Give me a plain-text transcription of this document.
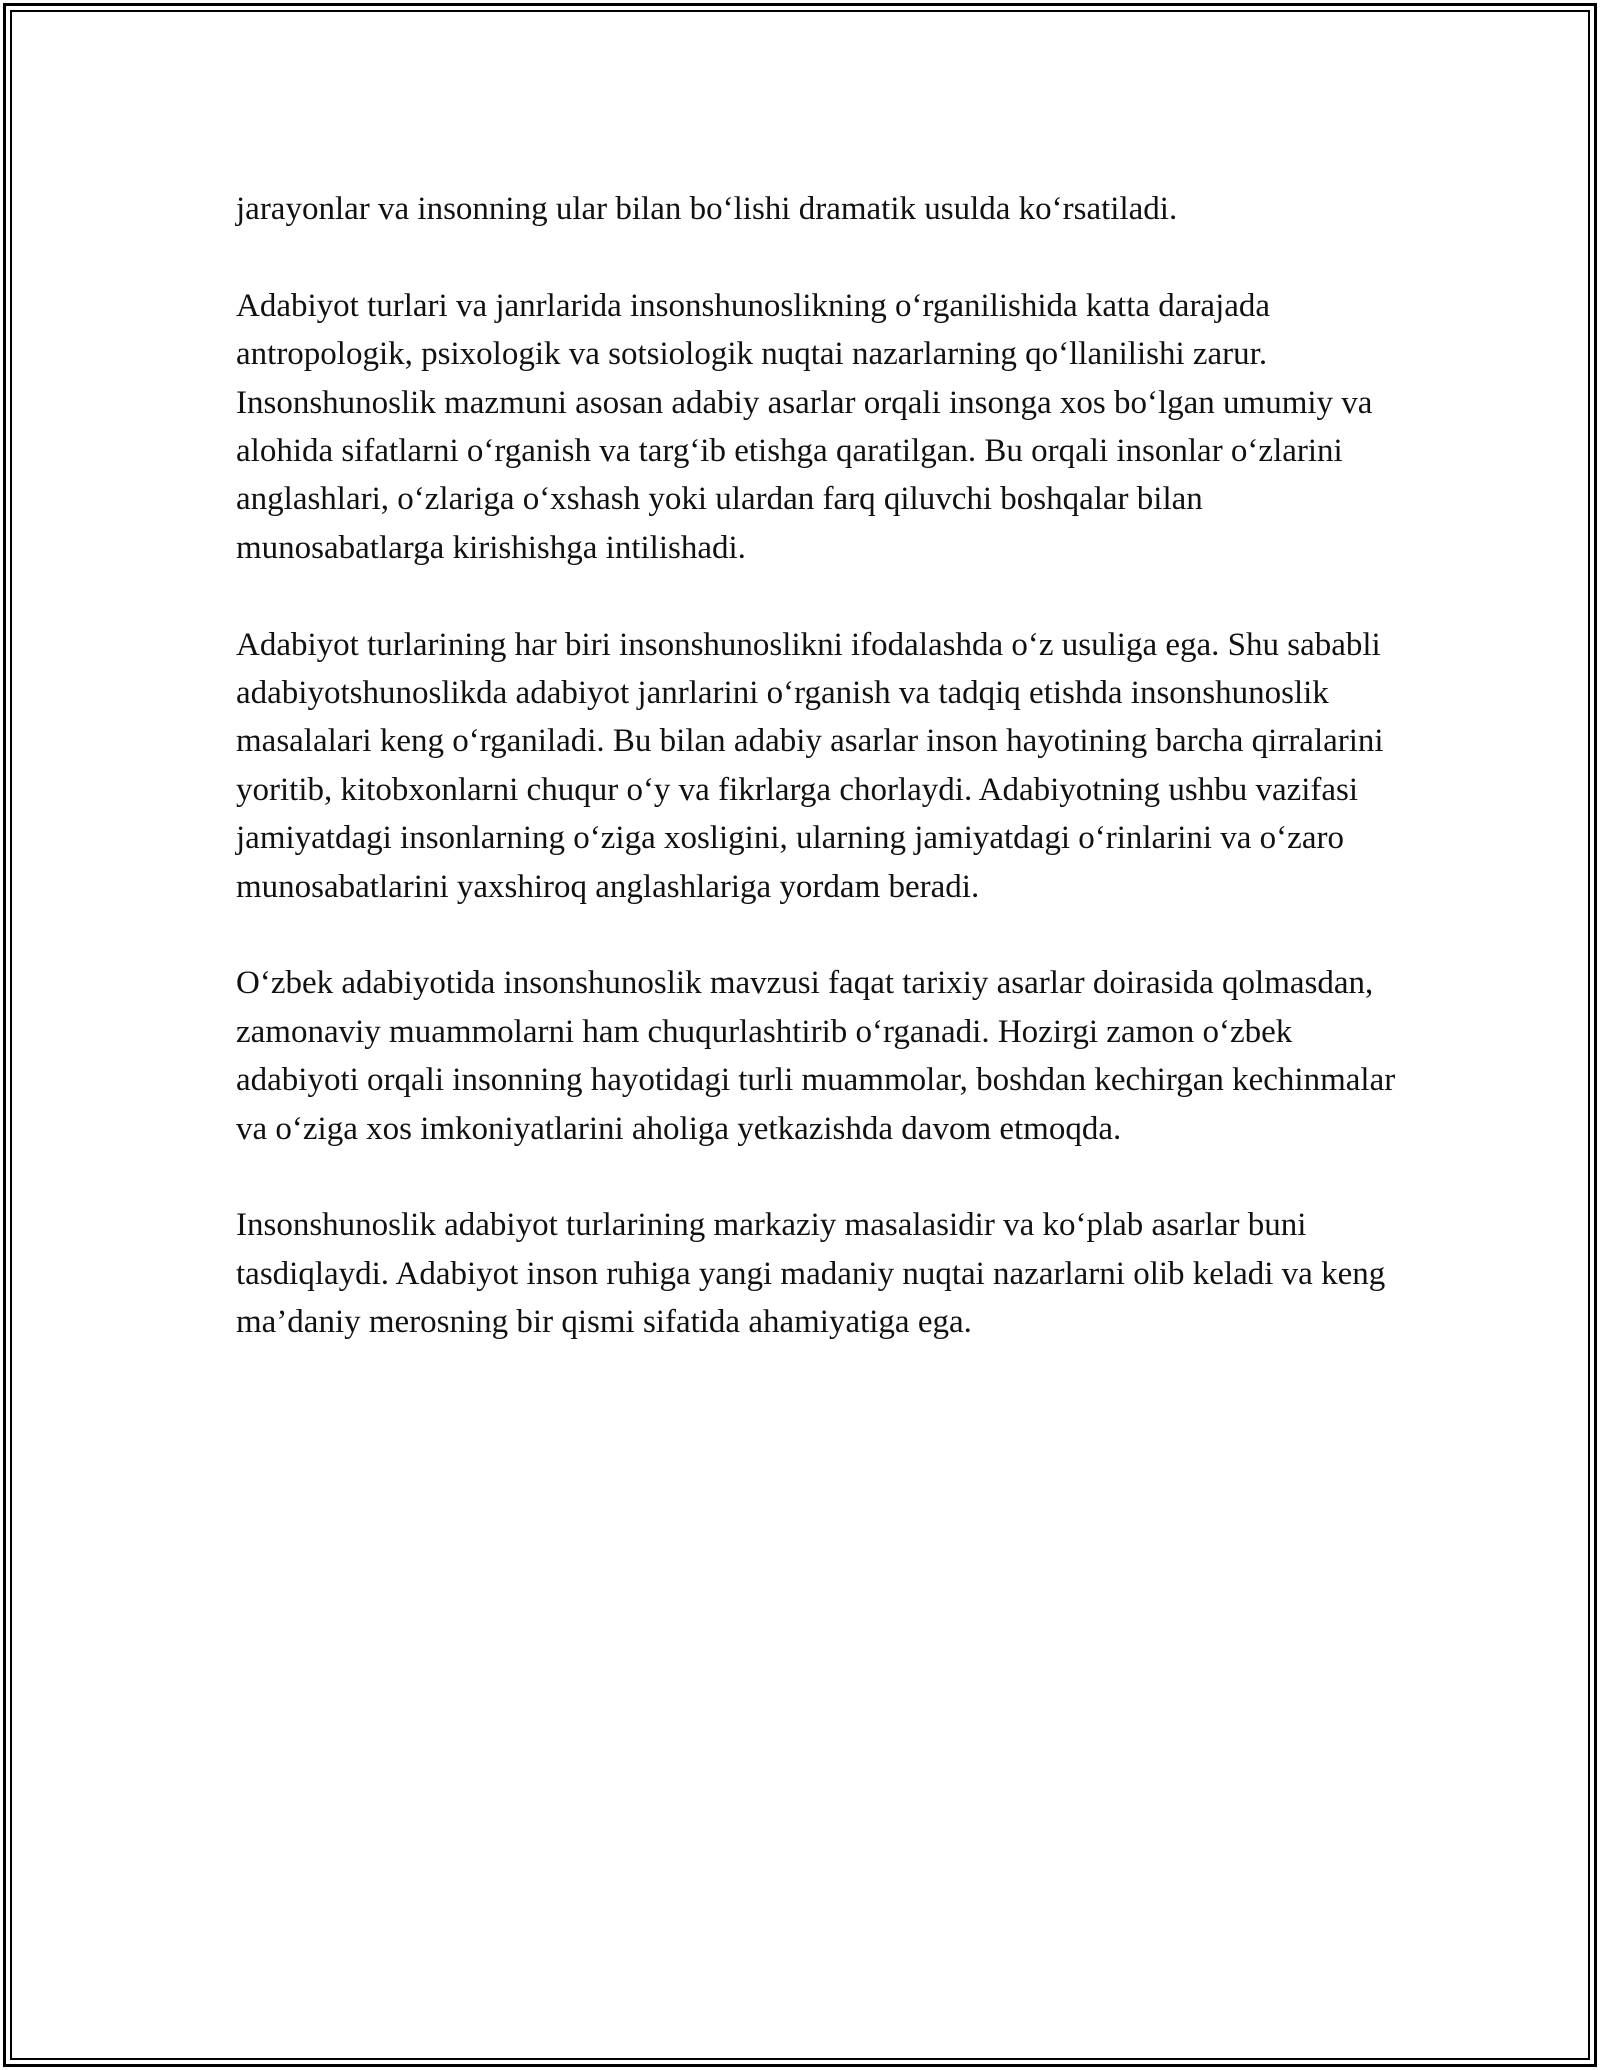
jarayonlar va insonning ular bilan bo‘lishi dramatik usulda ko‘rsatiladi.

Adabiyot turlari va janrlarida insonshunoslikning o‘rganilishida katta darajada antropologik, psixologik va sotsiologik nuqtai nazarlarning qo‘llanilishi zarur. Insonshunoslik mazmuni asosan adabiy asarlar orqali insonga xos bo‘lgan umumiy va alohida sifatlarni o‘rganish va targ‘ib etishga qaratilgan. Bu orqali insonlar o‘zlarini anglashlari, o‘zlariga o‘xshash yoki ulardan farq qiluvchi boshqalar bilan munosabatlarga kirishishga intilishadi.

Adabiyot turlarining har biri insonshunoslikni ifodalashda o‘z usuliga ega. Shu sababli adabiyotshunoslikda adabiyot janrlarini o‘rganish va tadqiq etishda insonshunoslik masalalari keng o‘rganiladi. Bu bilan adabiy asarlar inson hayotining barcha qirralarini yoritib, kitobxonlarni chuqur o‘y va fikrlarga chorlaydi. Adabiyotning ushbu vazifasi jamiyatdagi insonlarning o‘ziga xosligini, ularning jamiyatdagi o‘rinlarini va o‘zaro munosabatlarini yaxshiroq anglashlariga yordam beradi.

O‘zbek adabiyotida insonshunoslik mavzusi faqat tarixiy asarlar doirasida qolmasdan, zamonaviy muammolarni ham chuqurlashtirib o‘rganadi. Hozirgi zamon o‘zbek adabiyoti orqali insonning hayotidagi turli muammolar, boshdan kechirgan kechinmalar va o‘ziga xos imkoniyatlarini aholiga yetkazishda davom etmoqda.

Insonshunoslik adabiyot turlarining markaziy masalasidir va ko‘plab asarlar buni tasdiqlaydi. Adabiyot inson ruhiga yangi madaniy nuqtai nazarlarni olib keladi va keng ma’daniy merosning bir qismi sifatida ahamiyatiga ega.
